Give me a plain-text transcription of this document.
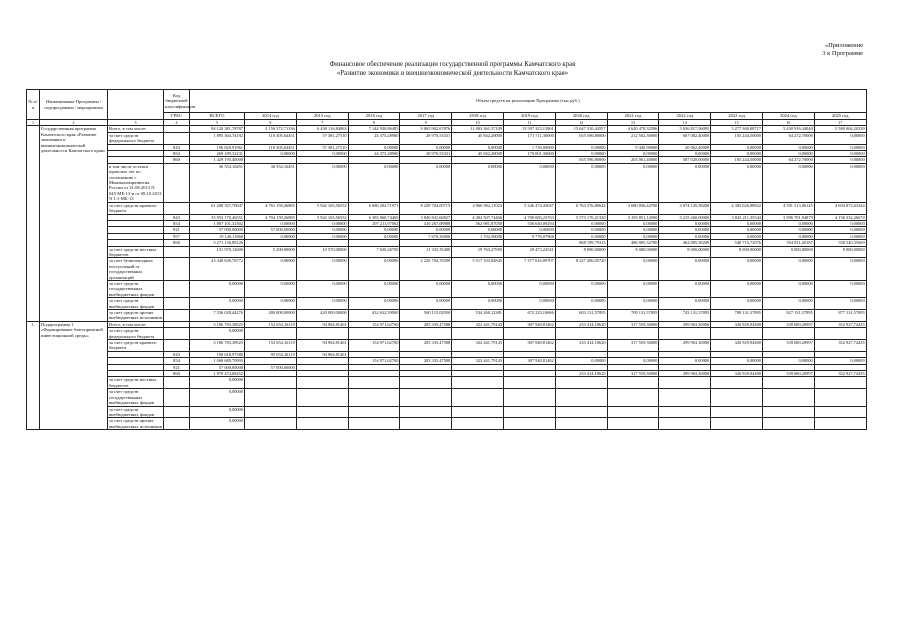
«Приложение
3 к Программе
Финансовое обеспечение реализации государственной программы Камчатского края
«Развитие экономики и внешнеэкономической деятельности Камчатского края»
№ п/п	Наименование Программы / подпрограммы / мероприятия		Код бюджетной классификации	Объем средств на реализацию Программы (тыс.руб.)												
			ГРБС	ВСЕГО	2014 год	2015 год	2016 год	2017 год	2018 год	2019 год	2020 год	2021 год	2022 год	2023 год	2024 год	2025 год
1	2	3	4	5	6	7	8	9	10	11	12	13	14	15	16	17
	Государственная программа Камчатского края «Развитие экономики и внешнеэкономической деятельности Камчатского края»	Всего, в том числе:		94 120 381,78787	3 156 372,71336	6 430 116,84063	7 144 930,86483	9 065 902,67876	11 083 361,57109	13 597 323,15961	15 647 310,44557	4 620 470,32596	5 036 817,56095	5 277 360,08717	5 430 916,34040	5 580 004,20239
		за счет средств федерального бюджета		1 895 304,74192	110 305,64451	57 381,27510	24 375,28900	28 970,53331	45 842,20000	171 711,30000	655 596,80000	212 502,30000	607 082,40000	105 244,50000	64 272,70000	0,00000
			843	196 820,91961	110 305,64451	57 381,27510	0,00000	0,00000	0,00000	1 730,00000	0,00000	9 440,90000	20 062,40000	0,00000	0,00000	0,00000
			854	269 189,32231	0,00000	0,00000	24 375,28900	28 970,53331	45 842,20000	170 001,30000	0,00000	0,00000	0,00000	0,00000	0,00000	0,00000
			860	1 429 195,40000							655 596,80000	203 061,40000	587 020,00000	105 244,50000	64 272,70000	0,00000
		в том числе остатки прошлых лет по соглашению с Минэкономразвития России от 21.08.2013 N 045-МБ-13-и от 08.10.2013 N 1.1-МБ-13		36 554,16451	36 554,16451	0,00000	0,00000	0,00000	0,00000	0,00000	0,00000	0,00000	0,00000	0,00000	0,00000	0,00000
		за счет средств краевого бюджета		61 208 357,70047	4 761 159,26885	5 942 165,56552	6 680 292,71971	8 258 704,09715	4 966 902,11024	5 346 474,43047	6 763 376,80642	3 680 836,44700	3 674 145,58200	4 383 026,98822	4 591 513,06145	4 694 872,63344
			843	35 953 170,46551	4 704 159,26885	5 942 165,56552	6 383 060,74469	3 840 841,60827	4 402 507,74466	4 700 083,23763	5 573 176,21330	3 193 851,12000	3 215 260,00000	3 843 211,35544	3 996 701,94879	4 156 332,26674
			854	1 807 101,32302	0,00000	0,00000	297 211,97062	410 267,08988	562 981,87058	536 640,09294	0,00000	0,00000	0,00000	0,00000	0,00000	0,00000
			921	57 000,00000	57 000,00000	0,00000	0,00000	0,00000	0,00000	0,00000	0,00000	0,00000	0,00000	0,00000	0,00000	0,00000
			957	19 140,11868	0,00000	0,00000	0,00000	7 670,33000	1 702,50000	9 776,07968	0,00000	0,00000	0,00000	0,00000	0,00000	0,00000
			860	3 271 136,80126							868 199,79313	486 985,32700	462 885,58200	540 715,72976	554 811,20187	538 540,35669
		за счет средств местных бюджетов		131 970,12600	5 200,00000	10 570,00000	7 630,26700	11 333,35400	19 763,27959	29 473,22541	8 000,00000	8 000,00000	8 000,00000	8 000,00000	8 000,00000	8 000,00000
		за счет безвозмездных поступлений от государственных организаций		23 348 630,76772	0,00000	0,00000	0,00000	2 226 704,76500	5 517 103,84845	7 377 616,09707	8 227 206,05720	0,00000	0,00000	0,00000	0,00000	0,00000
		за счет средств государственных внебюджетных фондов		0,00000	0,00000	0,00000	0,00000	0,00000	0,00000	0,00000	0,00000	0,00000	0,00000	0,00000	0,00000	0,00000
		за счет средств внебюджетных фондов		0,00000	0,00000	0,00000	0,00000	0,00000	0,00000	0,00000	0,00000	0,00000	0,00000	0,00000	0,00000	0,00000
		за счет средств прочих внебюджетных источников		7 536 028,44276	280 008,00000	420 000,00000	432 632,59000	560 115,02950	534 260,12381	672 223,10666	603 131,57895	709 131,57895	743 131,57895	780 131,57895	827 131,57895	877 131,57895
1.	Подпрограмма 1 «Формирование благоприятной инвестиционной среды»	Всего, в том числе:		3 186 783,38925	152 654,16119	94 964,81461	154 971,62700	283 335,47588	322 441,79143	307 940,81462	233 414,18620	317 559,30000	299 963,30000	326 929,94400	339 680,20997	352 927,74435
		за счет средств федерального бюджета		0,00000												
		за счет средств краевого бюджета		3 186 783,38925	152 654,16119	94 964,81461	154 971,62700	283 335,47588	322 441,79143	307 940,81462	233 414,18620	317 559,30000	299 963,30000	326 929,94400	339 680,20997	352 927,74435
			843	190 618,97580	95 654,16119	94 964,81461										
			854	1 068 689,70993			154 971,62700	283 335,47588	322 441,79143	307 940,81462	0,00000	0,00000	0,00000	0,00000	0,00000	0,00000
			921	57 000,00000	57 000,00000											
			860	1 870 474,68452							233 414,18620	317 559,30000	299 963,30000	326 929,94400	339 680,20997	352 927,74435
		за счет средств местных бюджетов		0,00000												
		за счет средств государственных внебюджетных фондов		0,00000												
		за счет средств внебюджетных фондов		0,00000												
		за счет средств прочих внебюджетных источников		0,00000												
